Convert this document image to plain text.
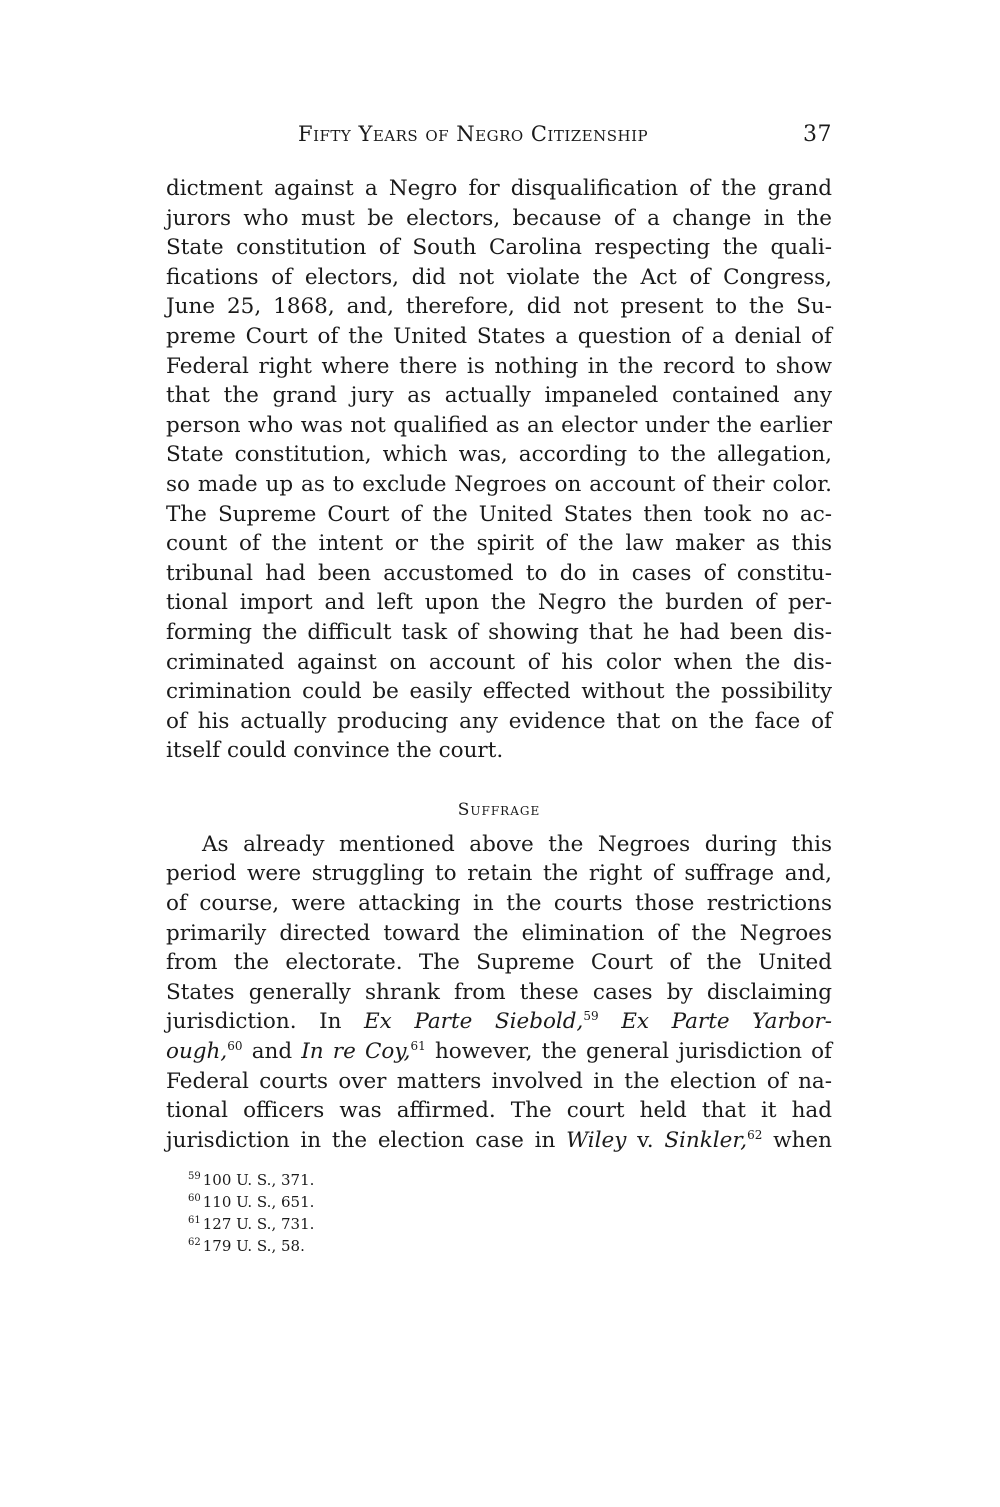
Fifty Years of Negro Citizenship	37
dictment against a Negro for disqualification of the grand
jurors who must be electors, because of a change in the
State constitution of South Carolina respecting the quali-
fications of electors, did not violate the Act of Congress,
June 25, 1868, and, therefore, did not present to the Su-
preme Court of the United States a question of a denial of
Federal right where there is nothing in the record to show
that the grand jury as actually impaneled contained any
person who was not qualified as an elector under the earlier
State constitution, which was, according to the allegation,
so made up as to exclude Negroes on account of their color.
The Supreme Court of the United States then took no ac-
count of the intent or the spirit of the law maker as this
tribunal had been accustomed to do in cases of constitu-
tional import and left upon the Negro the burden of per-
forming the difficult task of showing that he had been dis-
criminated against on account of his color when the dis-
crimination could be easily effected without the possibility
of his actually producing any evidence that on the face of
itself could convince the court.
Suffrage
As already mentioned above the Negroes during this
period were struggling to retain the right of suffrage and,
of course, were attacking in the courts those restrictions
primarily directed toward the elimination of the Negroes
from the electorate. The Supreme Court of the United
States generally shrank from these cases by disclaiming
jurisdiction. In Ex Parte Siebold,$^{59}$ Ex Parte Yarbor-
ough,$^{60}$ and In re Coy,$^{61}$ however, the general jurisdiction of
Federal courts over matters involved in the election of na-
tional officers was affirmed. The court held that it had
jurisdiction in the election case in Wiley v. Sinkler,$^{62}$ when
$^{59}$ 100 U. S., 371.
$^{60}$ 110 U. S., 651.
$^{61}$ 127 U. S., 731.
$^{62}$ 179 U. S., 58.
